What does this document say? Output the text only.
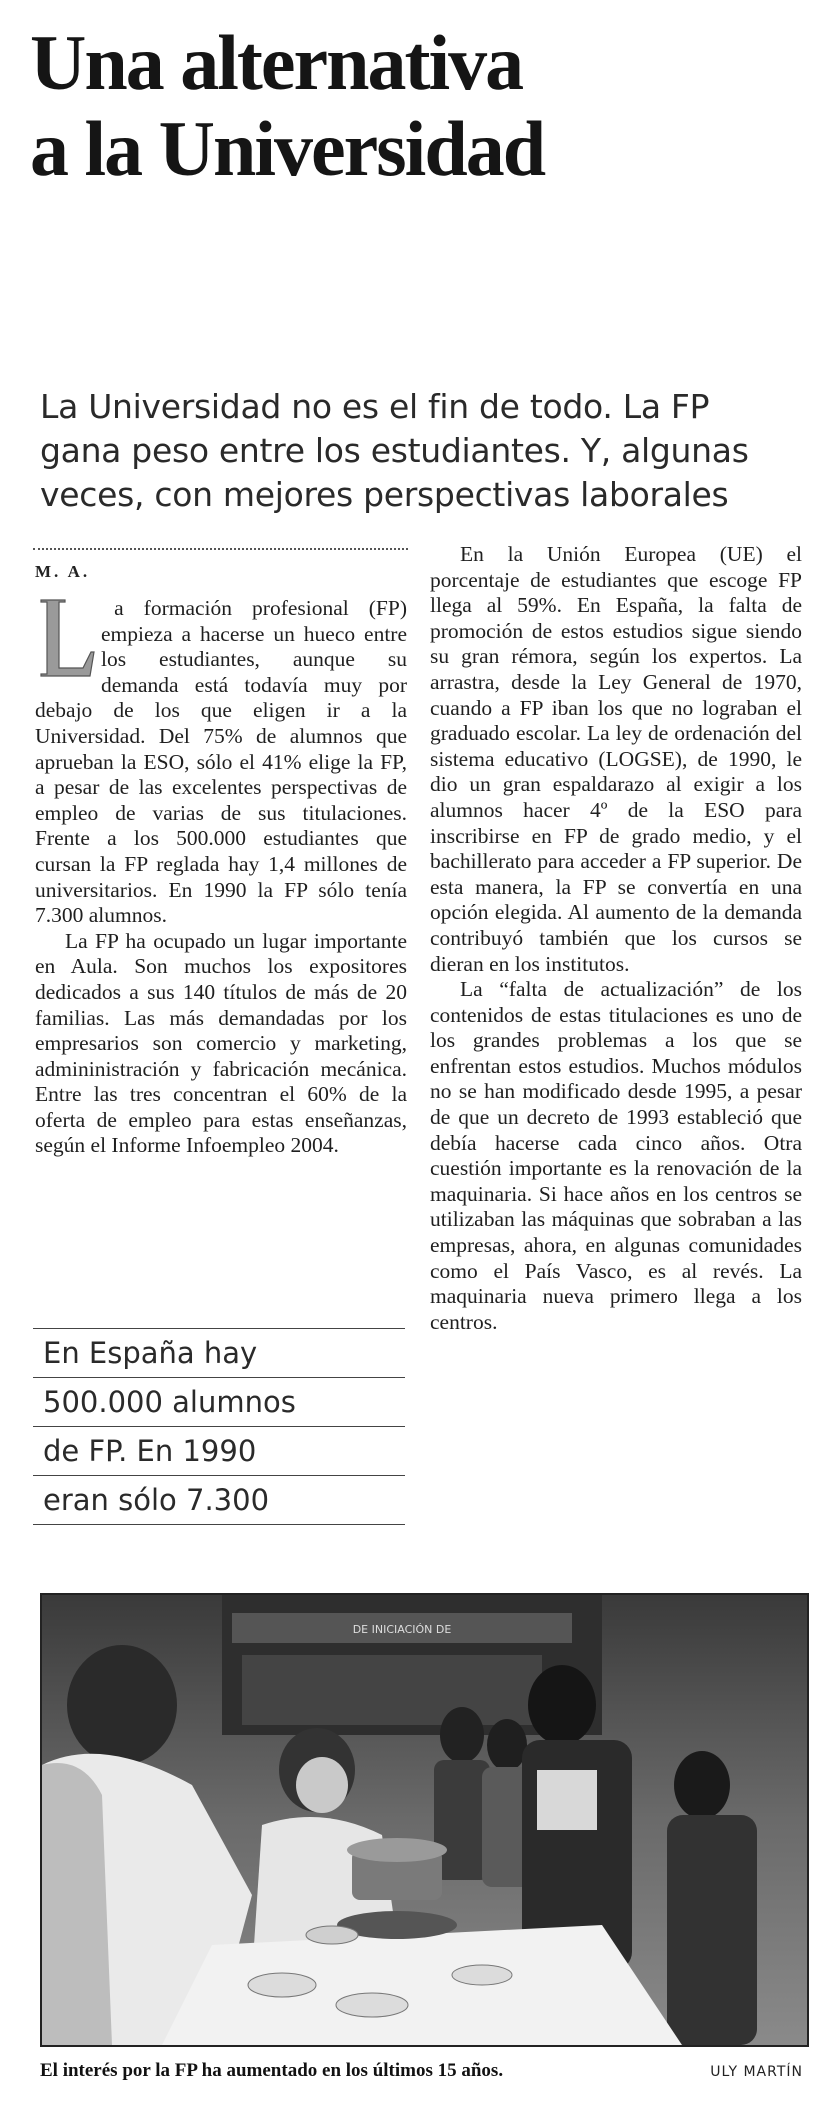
Una alternativa
a la Universidad
La Universidad no es el fin de todo. La FP
gana peso entre los estudiantes. Y, algunas
veces, con mejores perspectivas laborales
M. A.

La formación profesional (FP) empieza a hacerse un hueco entre los estudiantes, aunque su demanda está todavía muy por debajo de los que eligen ir a la Universidad. Del 75% de alumnos que aprueban la ESO, sólo el 41% elige la FP, a pesar de las excelentes perspectivas de empleo de varias de sus titulaciones. Frente a los 500.000 estudiantes que cursan la FP reglada hay 1,4 millones de universitarios. En 1990 la FP sólo tenía 7.300 alumnos.

La FP ha ocupado un lugar importante en Aula. Son muchos los expositores dedicados a sus 140 títulos de más de 20 familias. Las más demandadas por los empresarios son comercio y marketing, admininistración y fabricación mecánica. Entre las tres concentran el 60% de la oferta de empleo para estas enseñanzas, según el Informe Infoempleo 2004.

En la Unión Europea (UE) el porcentaje de estudiantes que escoge FP llega al 59%. En España, la falta de promoción de estos estudios sigue siendo su gran rémora, según los expertos. La arrastra, desde la Ley General de 1970, cuando a FP iban los que no lograban el graduado escolar. La ley de ordenación del sistema educativo (LOGSE), de 1990, le dio un gran espaldarazo al exigir a los alumnos hacer 4º de la ESO para inscribirse en FP de grado medio, y el bachillerato para acceder a FP superior. De esta manera, la FP se convertía en una opción elegida. Al aumento de la demanda contribuyó también que los cursos se dieran en los institutos.

La “falta de actualización” de los contenidos de estas titulaciones es uno de los grandes problemas a los que se enfrentan estos estudios. Muchos módulos no se han modificado desde 1995, a pesar de que un decreto de 1993 estableció que debía hacerse cada cinco años. Otra cuestión importante es la renovación de la maquinaria. Si hace años en los centros se utilizaban las máquinas que sobraban a las empresas, ahora, en algunas comunidades como el País Vasco, es al revés. La maquinaria nueva primero llega a los centros.

En España hay
500.000 alumnos
de FP. En 1990
eran sólo 7.300
DE INICIACIÓN DE
El interés por la FP ha aumentado en los últimos 15 años.	ULY MARTÍN
